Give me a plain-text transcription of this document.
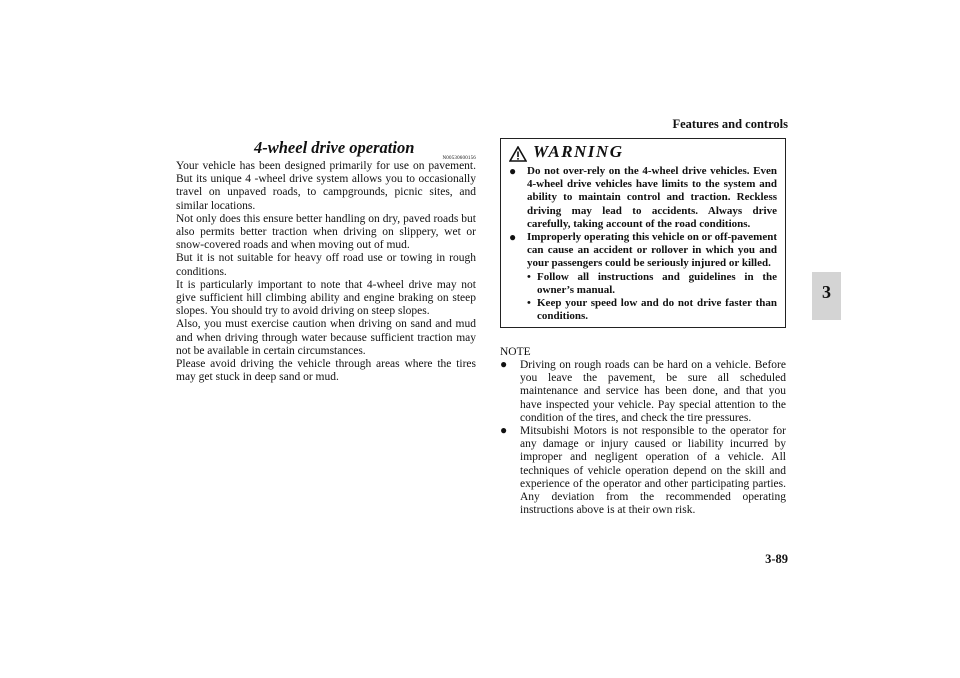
Features and controls
3
3-89
4-wheel drive operation
N00530600156

Your vehicle has been designed primarily for use on pavement. But its unique 4 -wheel drive system allows you to occasionally travel on unpaved roads, to campgrounds, picnic sites, and similar locations.

Not only does this ensure better handling on dry, paved roads but also permits better traction when driving on slippery, wet or snow-covered roads and when moving out of mud.

But it is not suitable for heavy off road use or towing in rough conditions.

It is particularly important to note that 4-wheel drive may not give sufficient hill climbing ability and engine braking on steep slopes. You should try to avoid driving on steep slopes.

Also, you must exercise caution when driving on sand and mud and when driving through water because sufficient traction may not be available in certain circumstances.

Please avoid driving the vehicle through areas where the tires may get stuck in deep sand or mud.

WARNING
● Do not over-rely on the 4-wheel drive vehicles. Even 4-wheel drive vehicles have limits to the system and ability to maintain control and traction. Reckless driving may lead to accidents. Always drive carefully, taking account of the road conditions.
● Improperly operating this vehicle on or off-pavement can cause an accident or rollover in which you and your passengers could be seriously injured or killed.
• Follow all instructions and guidelines in the owner’s manual.
• Keep your speed low and do not drive faster than conditions.
NOTE
● Driving on rough roads can be hard on a vehicle. Before you leave the pavement, be sure all scheduled maintenance and service has been done, and that you have inspected your vehicle. Pay special attention to the condition of the tires, and check the tire pressures.
● Mitsubishi Motors is not responsible to the operator for any damage or injury caused or liability incurred by improper and negligent operation of a vehicle. All techniques of vehicle operation depend on the skill and experience of the operator and other participating parties. Any deviation from the recommended operating instructions above is at their own risk.
